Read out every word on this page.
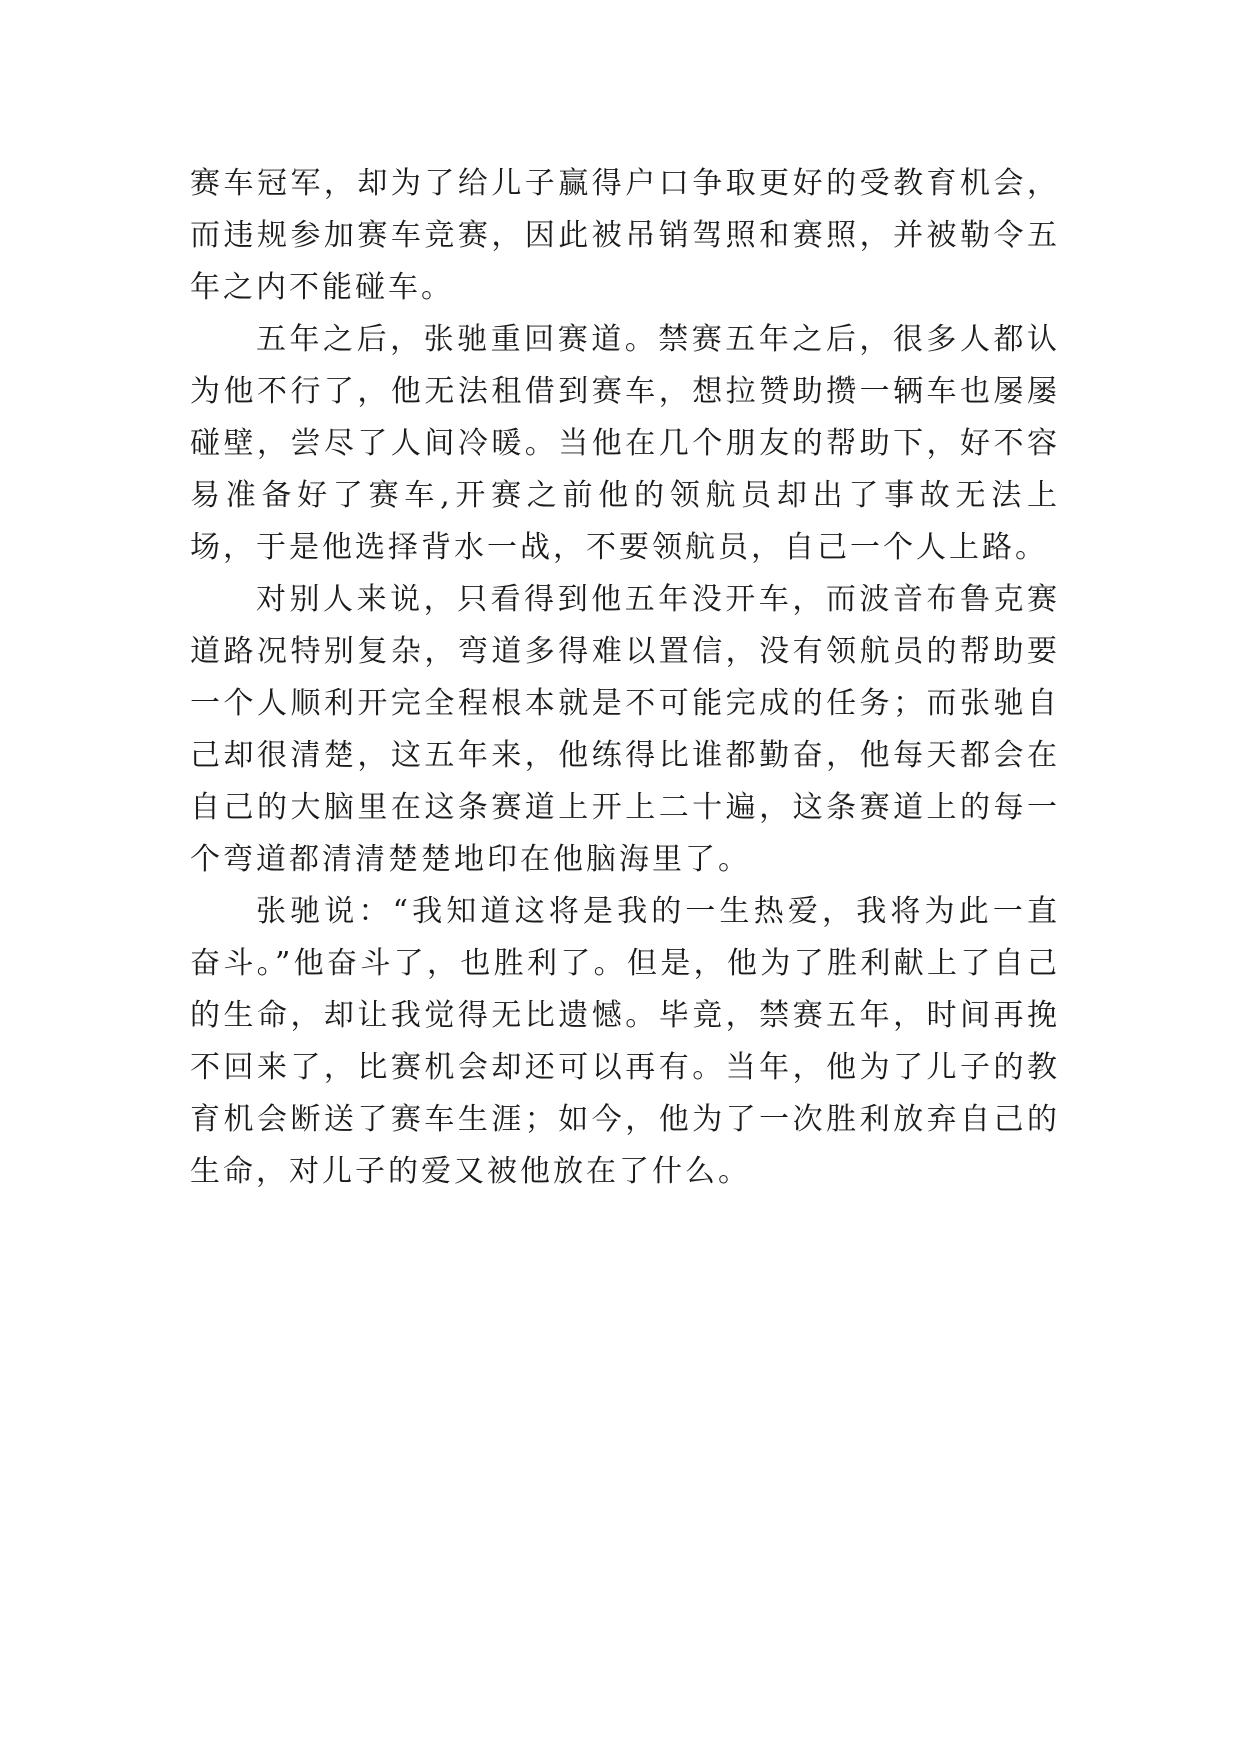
赛车冠军，却为了给儿子赢得户口争取更好的受教育机会，而违规参加赛车竞赛，因此被吊销驾照和赛照，并被勒令五年之内不能碰车。

五年之后，张驰重回赛道。禁赛五年之后，很多人都认为他不行了，他无法租借到赛车，想拉赞助攒一辆车也屡屡碰壁，尝尽了人间冷暖。当他在几个朋友的帮助下，好不容易准备好了赛车,开赛之前他的领航员却出了事故无法上场，于是他选择背水一战，不要领航员，自己一个人上路。

对别人来说，只看得到他五年没开车，而波音布鲁克赛道路况特别复杂，弯道多得难以置信，没有领航员的帮助要一个人顺利开完全程根本就是不可能完成的任务；而张驰自己却很清楚，这五年来，他练得比谁都勤奋，他每天都会在自己的大脑里在这条赛道上开上二十遍，这条赛道上的每一个弯道都清清楚楚地印在他脑海里了。

张驰说：“我知道这将是我的一生热爱，我将为此一直奋斗。”他奋斗了，也胜利了。但是，他为了胜利献上了自己的生命，却让我觉得无比遗憾。毕竟，禁赛五年，时间再挽不回来了，比赛机会却还可以再有。当年，他为了儿子的教育机会断送了赛车生涯；如今，他为了一次胜利放弃自己的生命，对儿子的爱又被他放在了什么。
